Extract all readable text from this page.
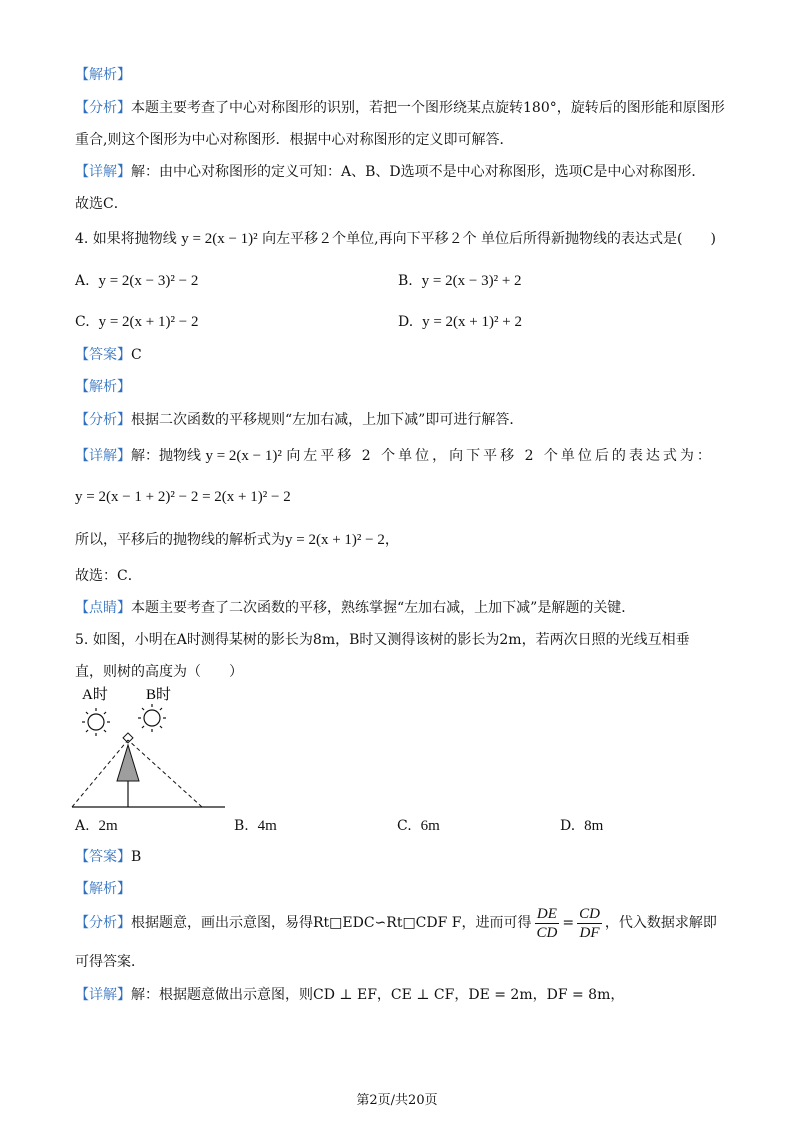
【解析】
【分析】本题主要考查了中心对称图形的识别，若把一个图形绕某点旋转180°，旋转后的图形能和原图形
重合,则这个图形为中心对称图形．根据中心对称图形的定义即可解答．
【详解】解：由中心对称图形的定义可知：A、B、D选项不是中心对称图形，选项C是中心对称图形．
故选C．
4. 如果将抛物线 y = 2(x − 1)² 向左平移２个单位,再向下平移２个 单位后所得新抛物线的表达式是(　　)
A. y = 2(x − 3)² − 2	B. y = 2(x − 3)² + 2
C. y = 2(x + 1)² − 2	D. y = 2(x + 1)² + 2
【答案】C
【解析】
【分析】根据二次函数的平移规则“左加右减，上加下减”即可进行解答．
【详解】解：抛物线 y = 2(x − 1)² 向左平移 2 个单位，向下平移 2 个单位后的表达式为：
y = 2(x − 1 + 2)² − 2 = 2(x + 1)² − 2
所以，平移后的抛物线的解析式为y = 2(x + 1)² − 2，
故选：C．
【点睛】本题主要考查了二次函数的平移，熟练掌握“左加右减，上加下减”是解题的关键．
5. 如图，小明在A时测得某树的影长为8m，B时又测得该树的影长为2m，若两次日照的光线互相垂
直，则树的高度为（　　）
A时	B时
A. 2m	B. 4m	C. 6m	D. 8m
【答案】B
【解析】
【分析】根据题意，画出示意图，易得Rt□EDC∽Rt□CDF F，进而可得 $\frac{DE}{CD} = \frac{CD}{DF}$ ，代入数据求解即
可得答案．
【详解】解：根据题意做出示意图，则CD ⊥ EF，CE ⊥ CF，DE = 2m，DF = 8m，
第2页/共20页
